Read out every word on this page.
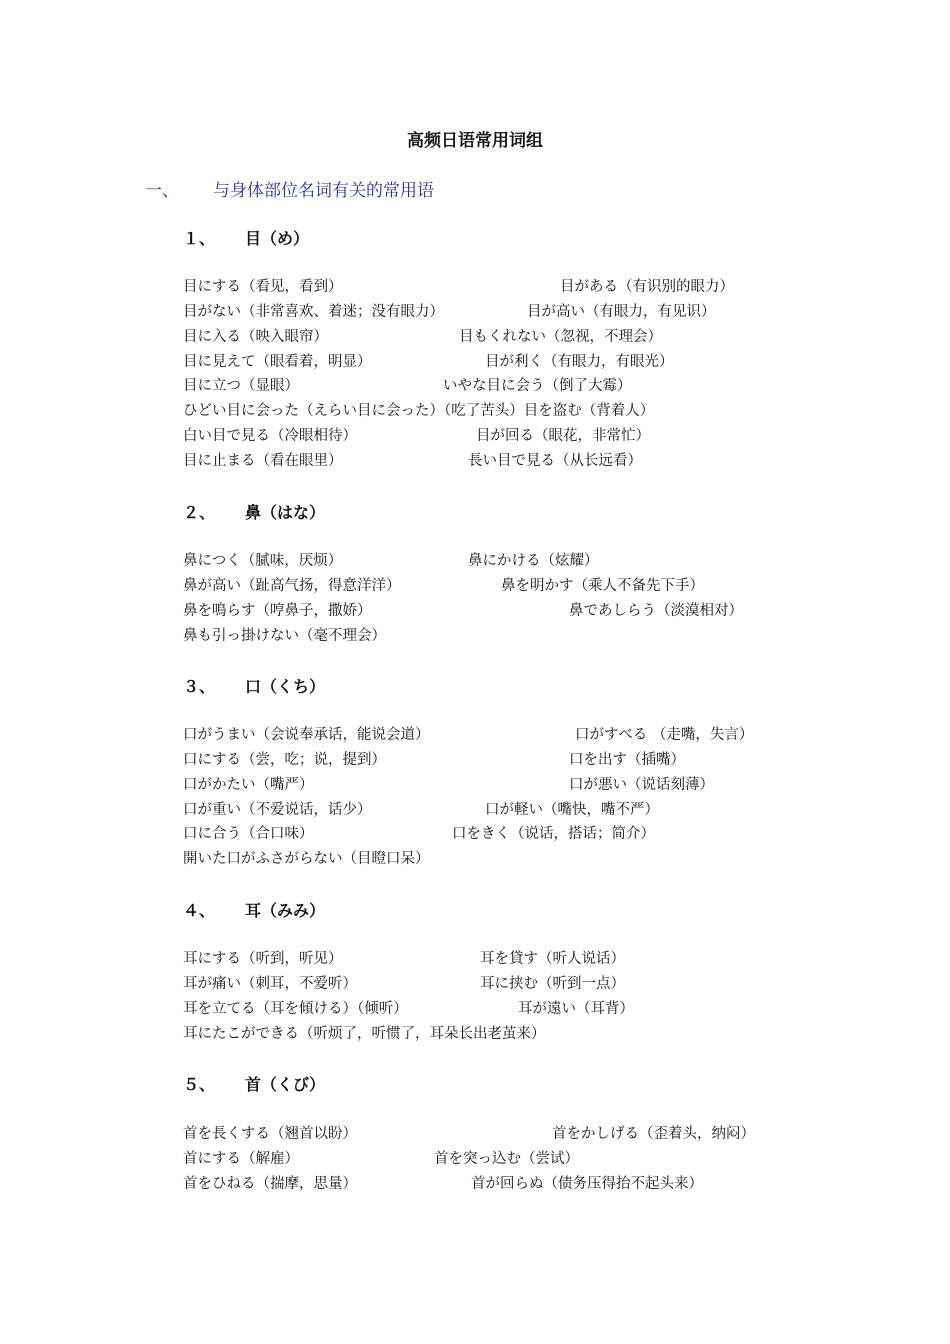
高频日语常用词组
一、 与身体部位名词有关的常用语
１、 目（め）
目にする（看见，看到）	目がある（有识别的眼力）
目がない（非常喜欢、着迷；没有眼力）	目が高い（有眼力，有见识）
目に入る（映入眼帘）	目もくれない（忽视，不理会）
目に見えて（眼看着，明显）	目が利く（有眼力，有眼光）
目に立つ（显眼）	いやな目に会う（倒了大霉）
ひどい目に会った（えらい目に会った）（吃了苦头）目を盗む（背着人）
白い目で見る（冷眼相待）	目が回る（眼花，非常忙）
目に止まる（看在眼里）	長い目で見る（从长远看）
２、 鼻（はな）
鼻につく（腻味，厌烦）	鼻にかける（炫耀）
鼻が高い（趾高气扬，得意洋洋）	鼻を明かす（乘人不备先下手）
鼻を鳴らす（哼鼻子，撒娇）	鼻であしらう（淡漠相对）
鼻も引っ掛けない（毫不理会）
３、 口（くち）
口がうまい（会说奉承话，能说会道）	口がすべる （走嘴，失言）
口にする（尝，吃；说，提到）	口を出す（插嘴）
口がかたい（嘴严）	口が悪い（说话刻薄）
口が重い（不爱说话，话少）	口が軽い（嘴快，嘴不严）
口に合う（合口味）	口をきく（说话，搭话；简介）
開いた口がふさがらない（目瞪口呆）
４、 耳（みみ）
耳にする（听到，听见）	耳を貸す（听人说话）
耳が痛い（刺耳，不爱听）	耳に挟む（听到一点）
耳を立てる（耳を傾ける）（倾听）	耳が遠い（耳背）
耳にたこができる（听烦了，听惯了，耳朵长出老茧来）
５、 首（くび）
首を長くする（翘首以盼）	首をかしげる（歪着头，纳闷）
首にする（解雇）	首を突っ込む（尝试）
首をひねる（揣摩，思量）	首が回らぬ（债务压得抬不起头来）
